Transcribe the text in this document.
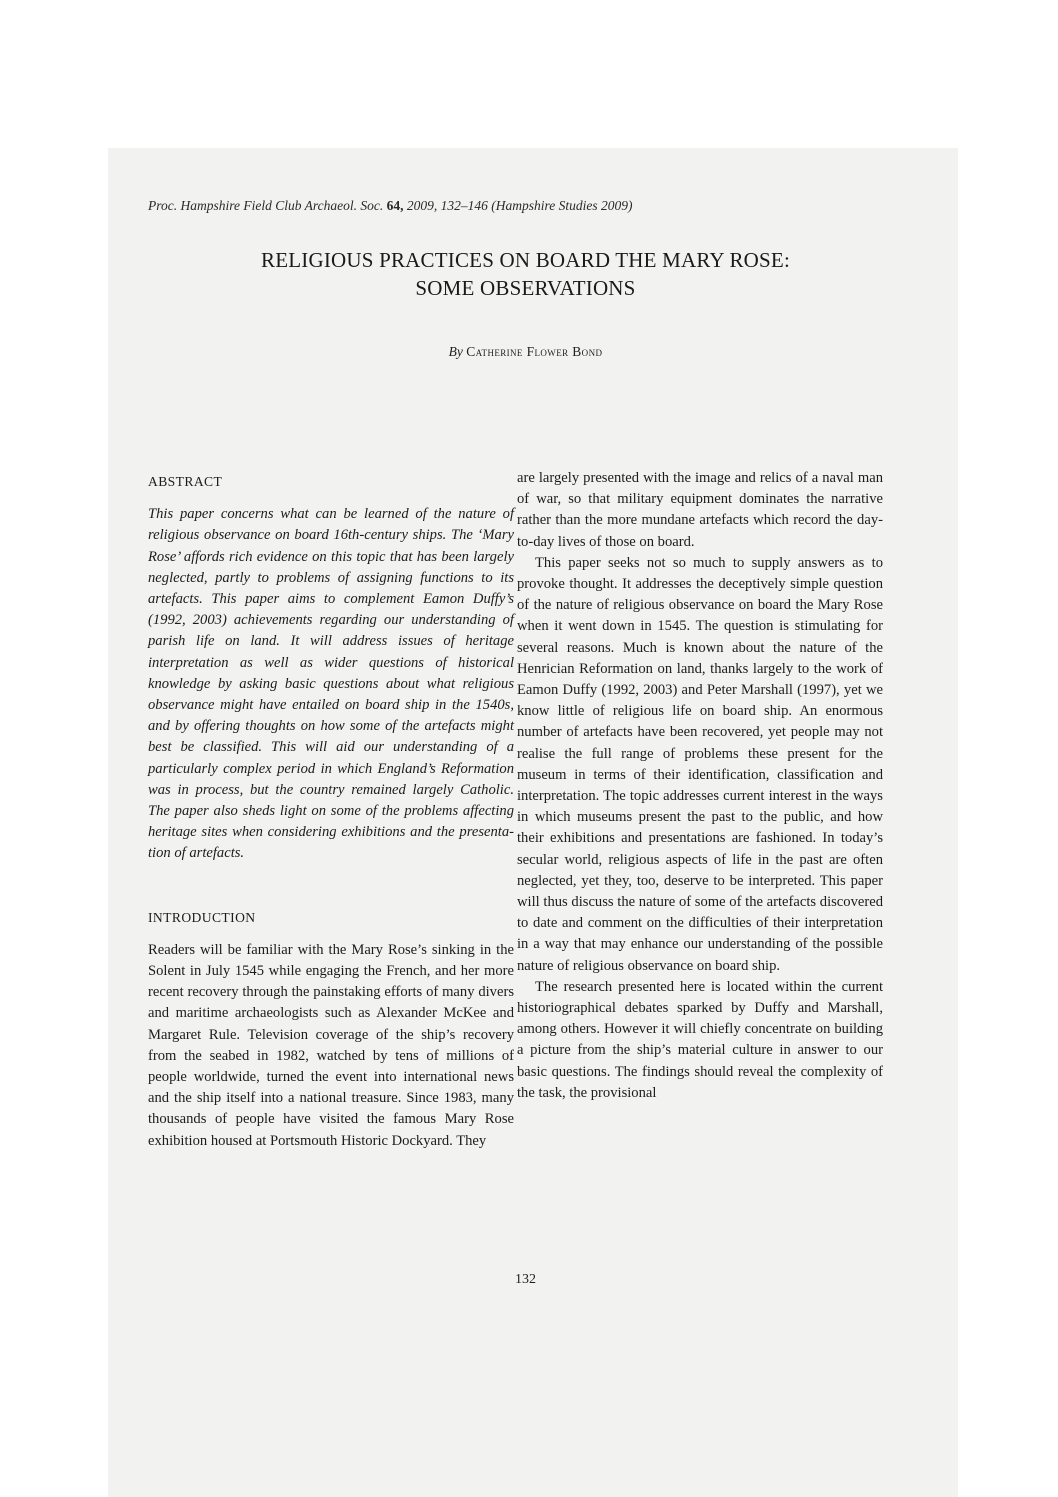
Proc. Hampshire Field Club Archaeol. Soc. 64, 2009, 132–146 (Hampshire Studies 2009)
RELIGIOUS PRACTICES ON BOARD THE MARY ROSE:
SOME OBSERVATIONS
By Catherine Flower Bond
ABSTRACT

This paper concerns what can be learned of the nature of religious observance on board 16th-century ships. The ‘Mary Rose’ affords rich evidence on this topic that has been largely neglected, partly to problems of assigning functions to its artefacts. This paper aims to complement Eamon Duffy’s (1992, 2003) achievements regarding our understanding of parish life on land. It will address issues of heritage interpretation as well as wider questions of historical knowledge by asking basic questions about what religious observance might have entailed on board ship in the 1540s, and by offering thoughts on how some of the artefacts might best be classified. This will aid our understanding of a particularly complex period in which England’s Reformation was in process, but the country remained largely Catholic. The paper also sheds light on some of the problems affecting heritage sites when considering exhibitions and the presentation of artefacts.

INTRODUCTION

Readers will be familiar with the Mary Rose’s sinking in the Solent in July 1545 while engaging the French, and her more recent recovery through the painstaking efforts of many divers and maritime archaeologists such as Alexander McKee and Margaret Rule. Television coverage of the ship’s recovery from the seabed in 1982, watched by tens of millions of people worldwide, turned the event into international news and the ship itself into a national treasure. Since 1983, many thousands of people have visited the famous Mary Rose exhibition housed at Portsmouth Historic Dockyard. They

are largely presented with the image and relics of a naval man of war, so that military equipment dominates the narrative rather than the more mundane artefacts which record the day-to-day lives of those on board.

This paper seeks not so much to supply answers as to provoke thought. It addresses the deceptively simple question of the nature of religious observance on board the Mary Rose when it went down in 1545. The question is stimulating for several reasons. Much is known about the nature of the Henrician Reformation on land, thanks largely to the work of Eamon Duffy (1992, 2003) and Peter Marshall (1997), yet we know little of religious life on board ship. An enormous number of artefacts have been recovered, yet people may not realise the full range of problems these present for the museum in terms of their identification, classification and interpretation. The topic addresses current interest in the ways in which museums present the past to the public, and how their exhibitions and presentations are fashioned. In today’s secular world, religious aspects of life in the past are often neglected, yet they, too, deserve to be interpreted. This paper will thus discuss the nature of some of the artefacts discovered to date and comment on the difficulties of their interpretation in a way that may enhance our understanding of the possible nature of religious observance on board ship.

The research presented here is located within the current historiographical debates sparked by Duffy and Marshall, among others. However it will chiefly concentrate on building a picture from the ship’s material culture in answer to our basic questions. The findings should reveal the complexity of the task, the provisional

132
